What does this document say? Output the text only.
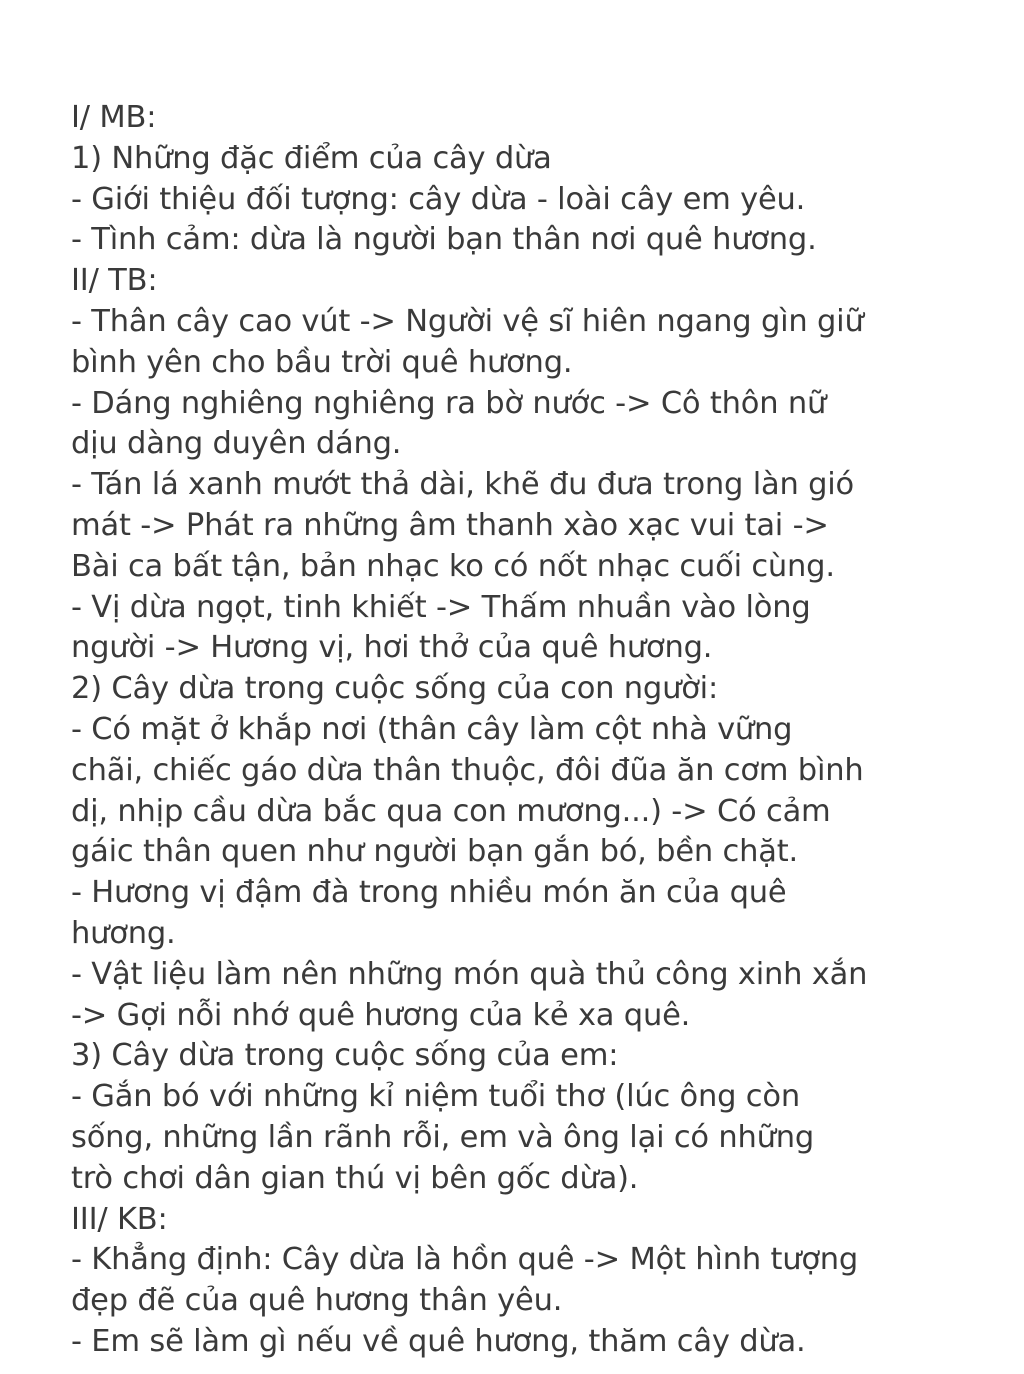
I/ MB:
1) Những đặc điểm của cây dừa
- Giới thiệu đối tượng: cây dừa - loài cây em yêu.
- Tình cảm: dừa là người bạn thân nơi quê hương.
II/ TB:
- Thân cây cao vút -> Người vệ sĩ hiên ngang gìn giữ
bình yên cho bầu trời quê hương.
- Dáng nghiêng nghiêng ra bờ nước -> Cô thôn nữ
dịu dàng duyên dáng.
- Tán lá xanh mướt thả dài, khẽ đu đưa trong làn gió
mát -> Phát ra những âm thanh xào xạc vui tai ->
Bài ca bất tận, bản nhạc ko có nốt nhạc cuối cùng.
- Vị dừa ngọt, tinh khiết -> Thấm nhuần vào lòng
người -> Hương vị, hơi thở của quê hương.
2) Cây dừa trong cuộc sống của con người:
- Có mặt ở khắp nơi (thân cây làm cột nhà vững
chãi, chiếc gáo dừa thân thuộc, đôi đũa ăn cơm bình
dị, nhịp cầu dừa bắc qua con mương...) -> Có cảm
gáic thân quen như người bạn gắn bó, bền chặt.
- Hương vị đậm đà trong nhiều món ăn của quê
hương.
- Vật liệu làm nên những món quà thủ công xinh xắn
-> Gợi nỗi nhớ quê hương của kẻ xa quê.
3) Cây dừa trong cuộc sống của em:
- Gắn bó với những kỉ niệm tuổi thơ (lúc ông còn
sống, những lần rãnh rỗi, em và ông lại có những
trò chơi dân gian thú vị bên gốc dừa).
III/ KB:
- Khẳng định: Cây dừa là hồn quê -> Một hình tượng
đẹp đẽ của quê hương thân yêu.
- Em sẽ làm gì nếu về quê hương, thăm cây dừa.
